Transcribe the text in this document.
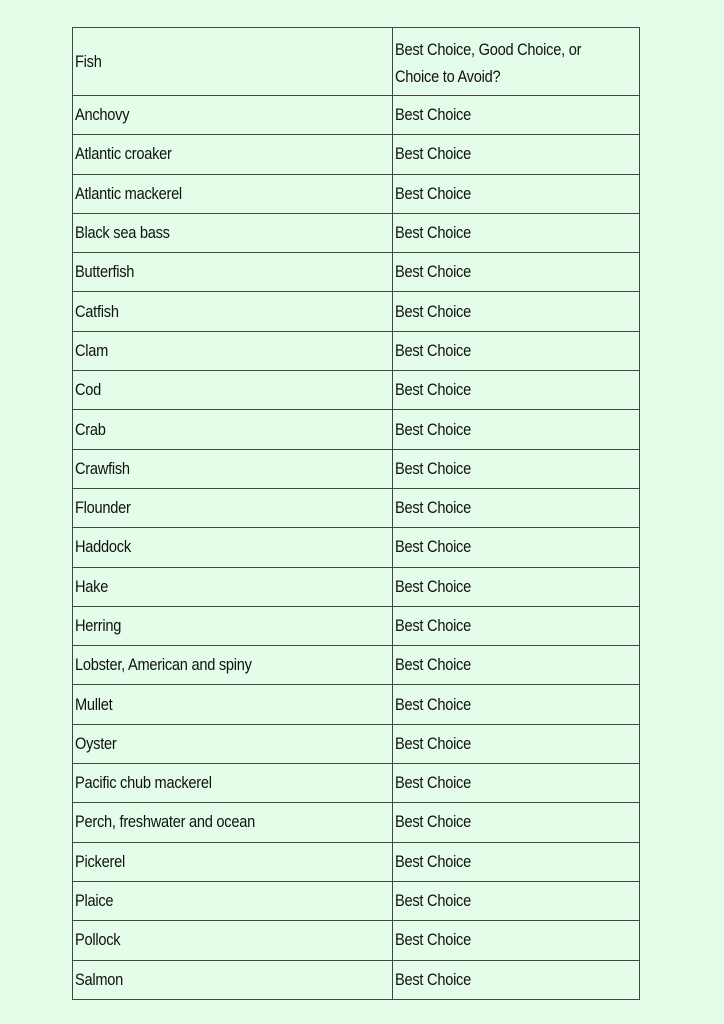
Fish	Best Choice, Good Choice, or
Choice to Avoid?
Anchovy	Best Choice
Atlantic croaker	Best Choice
Atlantic mackerel	Best Choice
Black sea bass	Best Choice
Butterfish	Best Choice
Catfish	Best Choice
Clam	Best Choice
Cod	Best Choice
Crab	Best Choice
Crawfish	Best Choice
Flounder	Best Choice
Haddock	Best Choice
Hake	Best Choice
Herring	Best Choice
Lobster, American and spiny	Best Choice
Mullet	Best Choice
Oyster	Best Choice
Pacific chub mackerel	Best Choice
Perch, freshwater and ocean	Best Choice
Pickerel	Best Choice
Plaice	Best Choice
Pollock	Best Choice
Salmon	Best Choice
